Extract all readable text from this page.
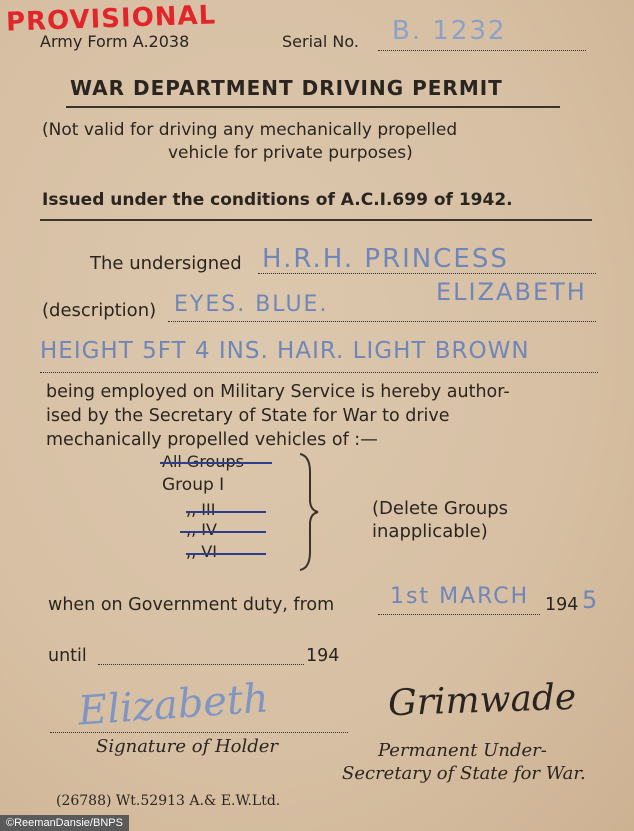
PROVISIONAL
Army Form A.2038	Serial No. B. 1232
WAR DEPARTMENT DRIVING PERMIT
(Not valid for driving any mechanically propelled
vehicle for private purposes)
Issued under the conditions of A.C.I.699 of 1942.
The undersigned H.R.H. PRINCESS
ELIZABETH
(description) EYES. BLUE.
HEIGHT 5FT 4 INS. HAIR. LIGHT BROWN
being employed on Military Service is hereby author-
ised by the Secretary of State for War to drive
mechanically propelled vehicles of :—
All Groups
Group I
,, III
,, IV
,, VI
(Delete Groups
inapplicable)
when on Government duty, from	1st MARCH 194 5
until	194
Elizabeth
Signature of Holder
Grimwade
Permanent Under-
Secretary of State for War.
(26788) Wt.52913 A.& E.W.Ltd.
©ReemanDansie/BNPS
